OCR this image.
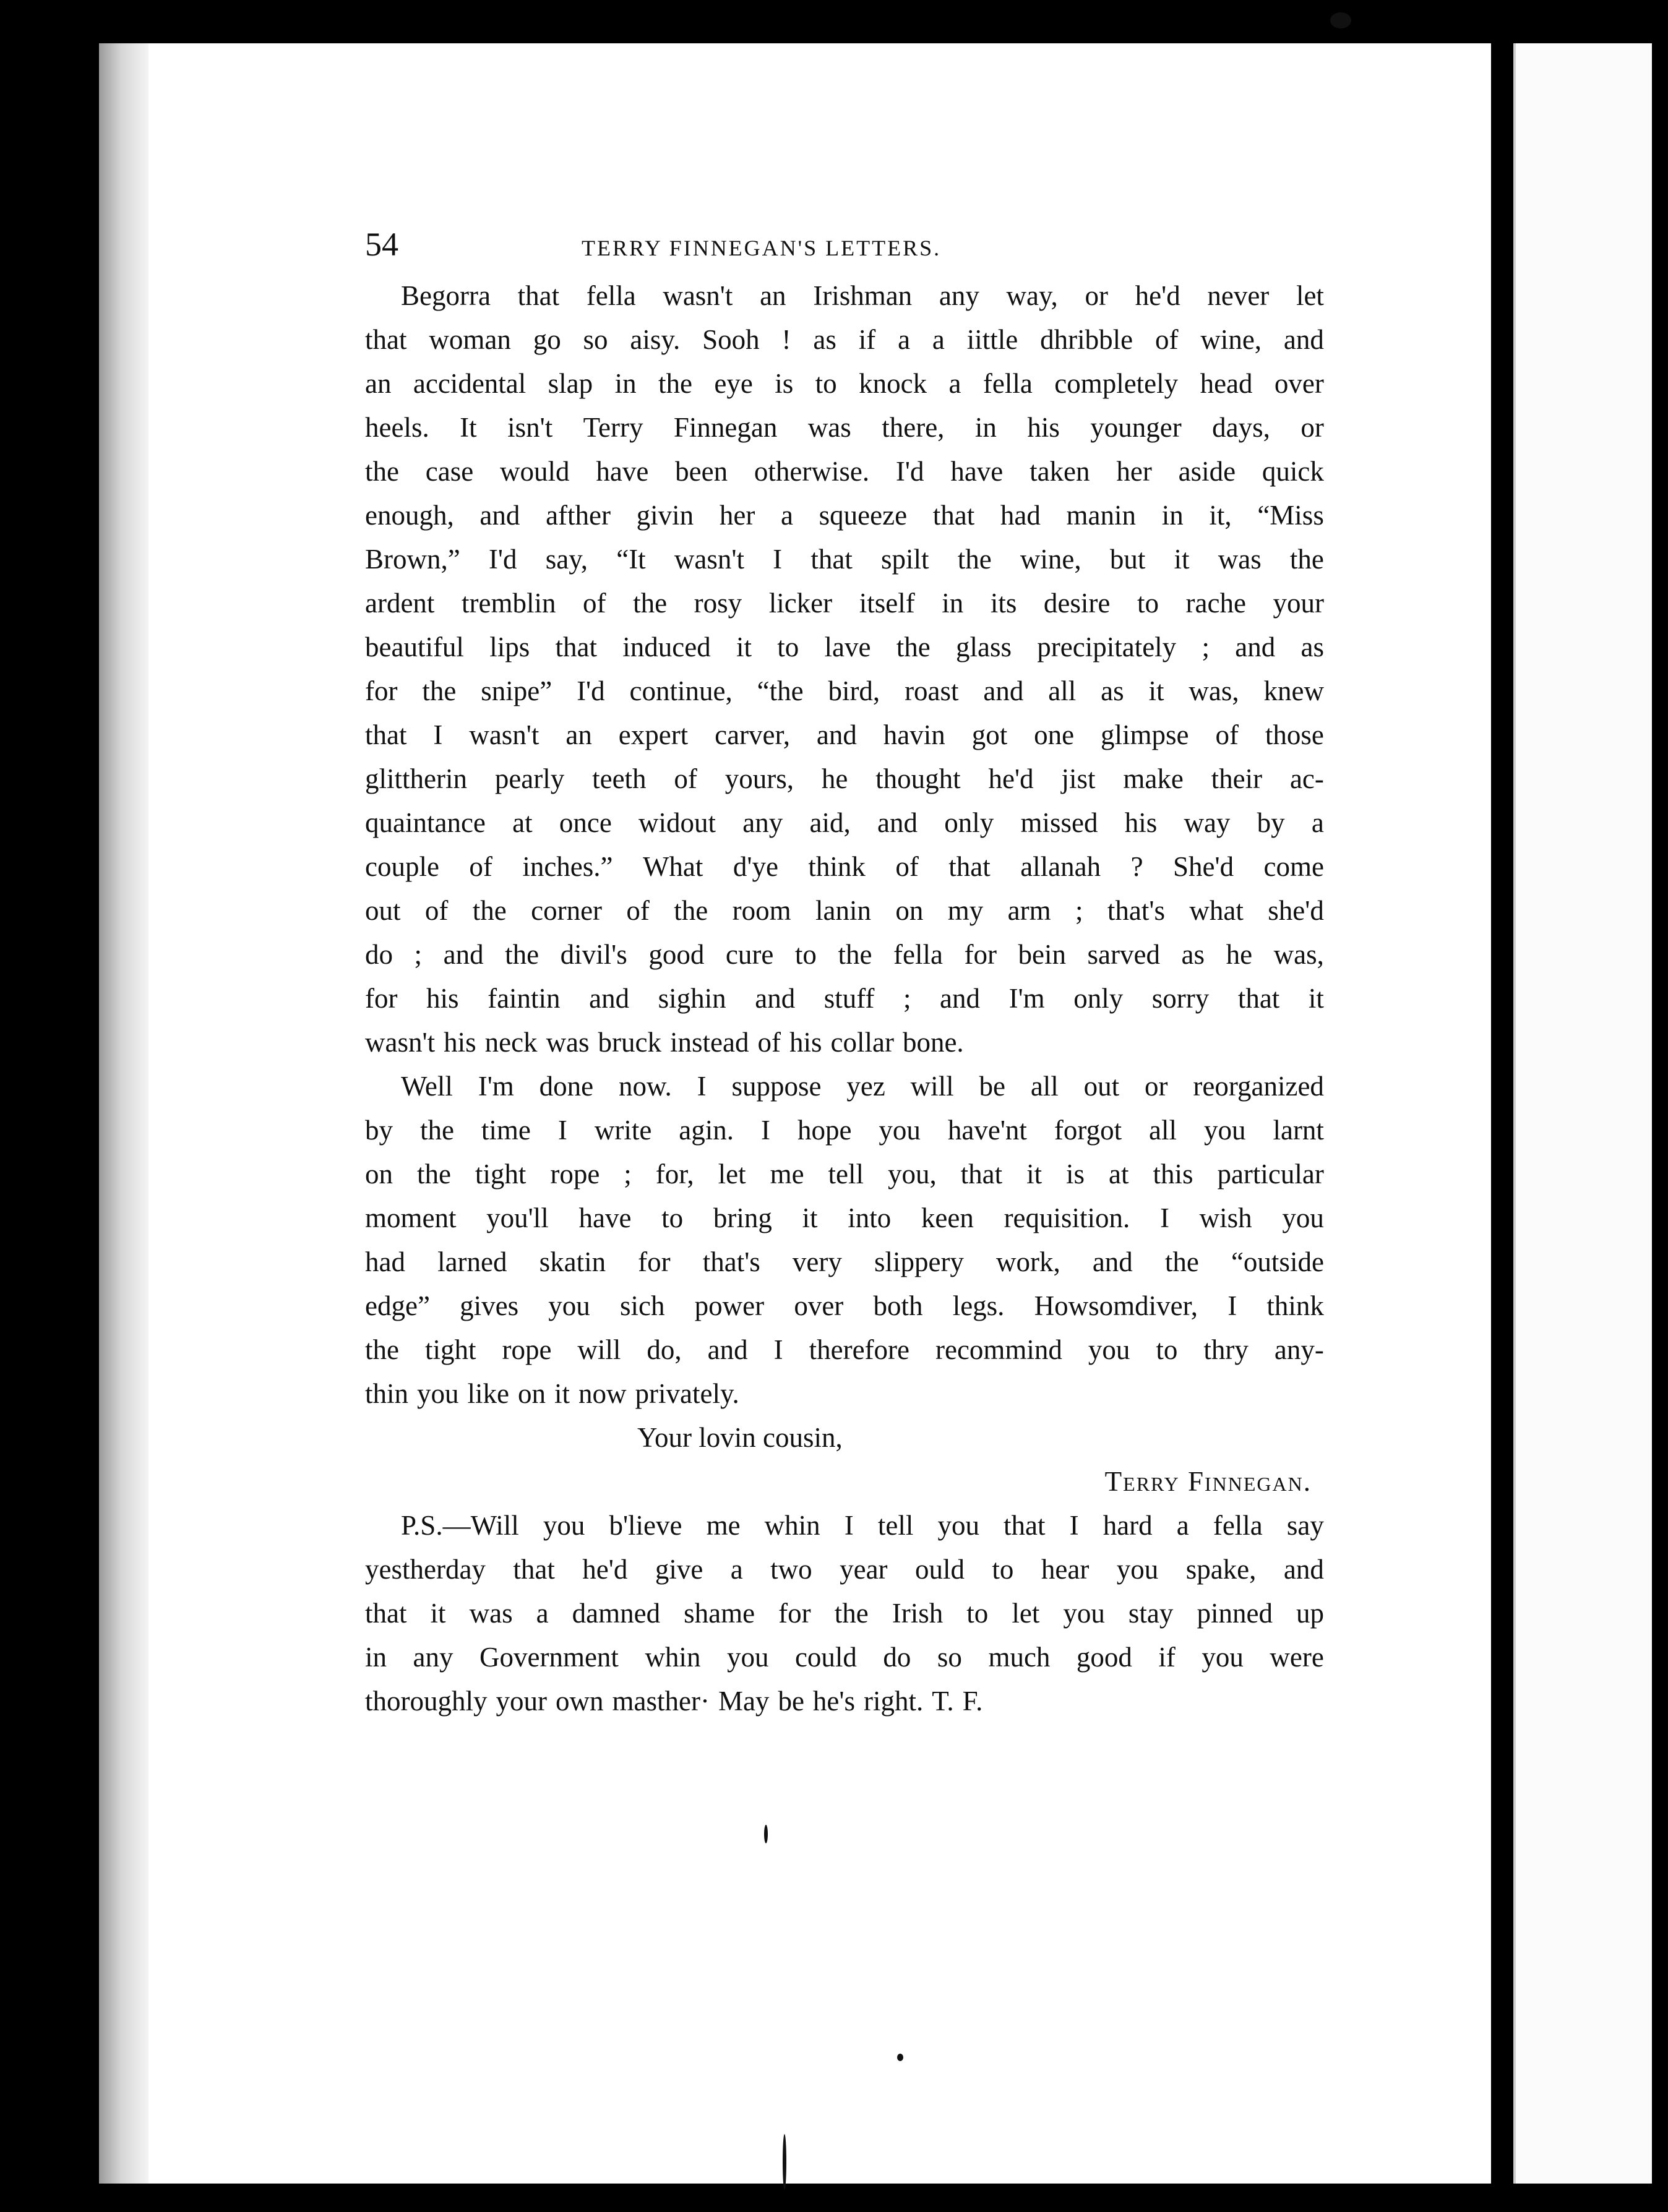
54	TERRY FINNEGAN'S LETTERS.
Begorra that fella wasn't an Irishman any way, or he'd never let
that woman go so aisy. Sooh ! as if a a iittle dhribble of wine, and
an accidental slap in the eye is to knock a fella completely head over
heels. It isn't Terry Finnegan was there, in his younger days, or
the case would have been otherwise. I'd have taken her aside quick
enough, and afther givin her a squeeze that had manin in it, “Miss
Brown,” I'd say, “It wasn't I that spilt the wine, but it was the
ardent tremblin of the rosy licker itself in its desire to rache your
beautiful lips that induced it to lave the glass precipitately ; and as
for the snipe” I'd continue, “the bird, roast and all as it was, knew
that I wasn't an expert carver, and havin got one glimpse of those
glittherin pearly teeth of yours, he thought he'd jist make their ac-
quaintance at once widout any aid, and only missed his way by a
couple of inches.” What d'ye think of that allanah ? She'd come
out of the corner of the room lanin on my arm ; that's what she'd
do ; and the divil's good cure to the fella for bein sarved as he was,
for his faintin and sighin and stuff ; and I'm only sorry that it
wasn't his neck was bruck instead of his collar bone.
Well I'm done now. I suppose yez will be all out or reorganized
by the time I write agin. I hope you have'nt forgot all you larnt
on the tight rope ; for, let me tell you, that it is at this particular
moment you'll have to bring it into keen requisition. I wish you
had larned skatin for that's very slippery work, and the “outside
edge” gives you sich power over both legs. Howsomdiver, I think
the tight rope will do, and I therefore recommind you to thry any-
thin you like on it now privately.
Your lovin cousin,
Terry Finnegan.
P.S.—Will you b'lieve me whin I tell you that I hard a fella say
yestherday that he'd give a two year ould to hear you spake, and
that it was a damned shame for the Irish to let you stay pinned up
in any Government whin you could do so much good if you were
thoroughly your own masther· May be he's right. T. F.
